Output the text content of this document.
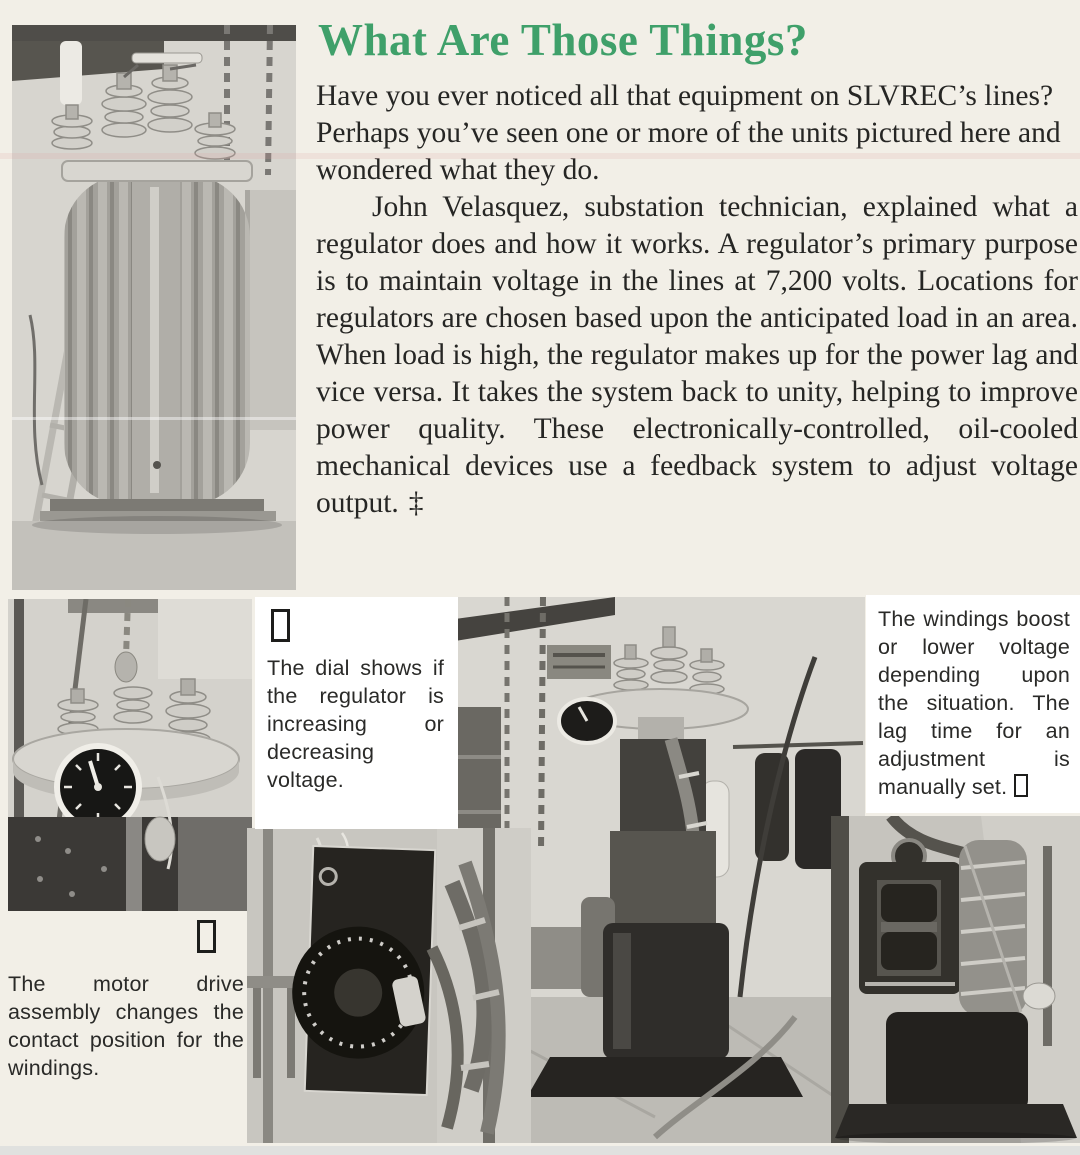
What Are Those Things?

Have you ever noticed all that equipment on SLVREC’s lines? Perhaps you’ve seen one or more of the units pictured here and wondered what they do.

John Velasquez, substation technician, explained what a regulator does and how it works. A regulator’s primary purpose is to maintain voltage in the lines at 7,200 volts. Locations for regulators are chosen based upon the anticipated load in an area. When load is high, the regulator makes up for the power lag and vice versa. It takes the system back to unity, helping to improve power quality. These electronically-controlled, oil-cooled mechanical devices use a feedback system to adjust voltage output. ‡

The dial shows if the regulator is increasing or decreasing voltage.

The windings boost or lower voltage depending upon the situation. The lag time for an adjustment is manually set.

The motor drive assembly changes the contact position for the windings.
